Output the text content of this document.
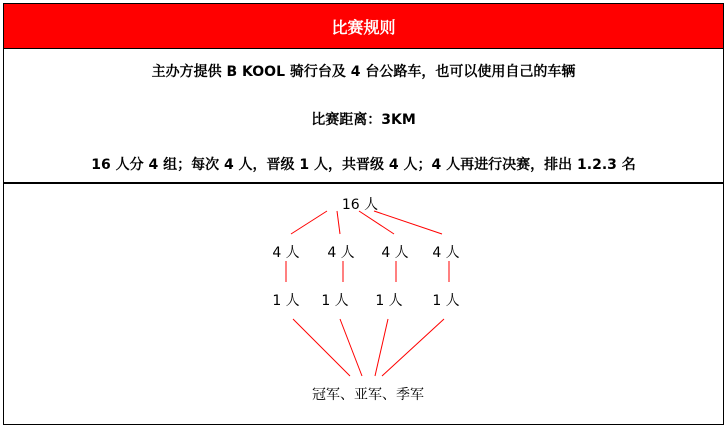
比赛规则
主办方提供 B KOOL 骑行台及 4 台公路车，也可以使用自己的车辆
比赛距离：3KM
16 人分 4 组；每次 4 人，晋级 1 人，共晋级 4 人；4 人再进行决赛，排出 1.2.3 名
16 人
4 人 4 人 4 人 4 人
1 人 1 人 1 人 1 人
冠军、亚军、季军
